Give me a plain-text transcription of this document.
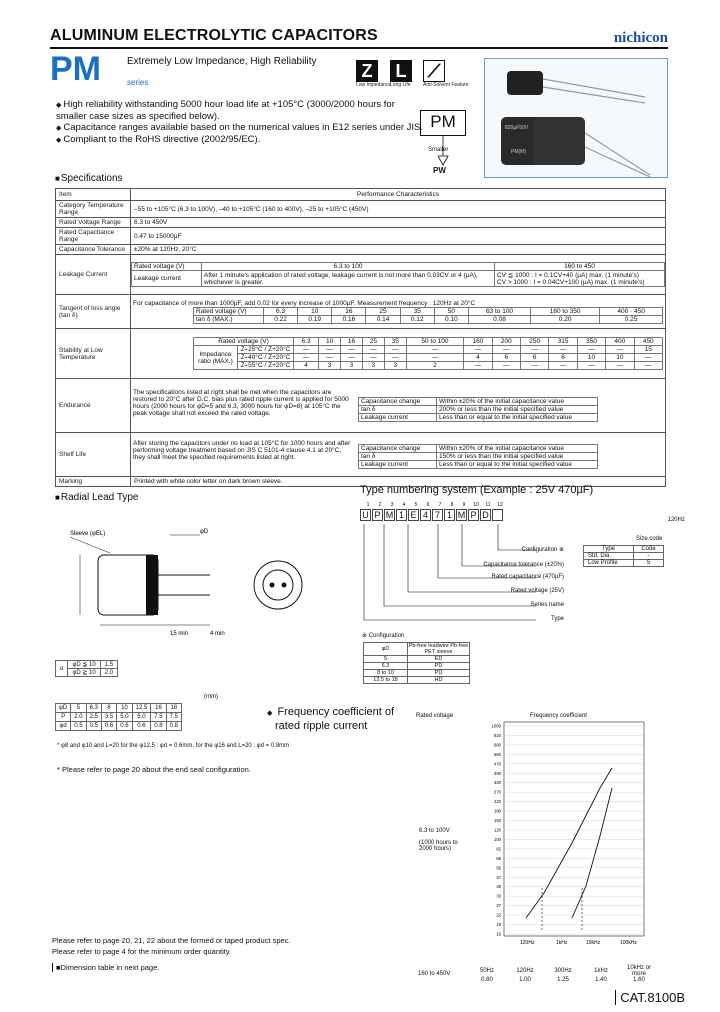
ALUMINUM ELECTROLYTIC CAPACITORS	nichicon
PM	Extremely Low Impedance, High Reliability
series
Z
Low Impedance
L
Long Life
⟋
Anti-Solvent Feature
◆ High reliability withstanding 5000 hour load life at +105°C (3000/2000 hours for smaller case sizes as specified below).
◆ Capacitance ranges available based on the numerical values in E12 series under JIS.
◆ Compliant to the RoHS directive (2002/95/EC).
PM
Smaller
PW
820µF50V
PM(M)
■ Specifications
Item	Performance Characteristics
Category Temperature Range	–55 to +105°C (6.3 to 100V), –40 to +105°C (160 to 400V), –25 to +105°C (450V)
Rated Voltage Range	6.3 to 450V
Rated Capacitance Range	0.47 to 15000µF
Capacitance Tolerance	±20% at 120Hz, 20°C
Leakage Current	
Rated voltage (V)	6.3 to 100	160 to 450
Leakage current	After 1 minute's application of rated voltage, leakage current is not more than 0.03CV or 4 (µA), whichever is greater.	
CV ≦ 1000 : I = 0.1CV+40 (µA) max. (1 minute's)
CV > 1000 : I = 0.04CV+100 (µA) max. (1 minute's)

Tangent of loss angle (tan δ)	
For capacitance of more than 1000µF, add 0.02 for every increase of 1000µF. Measurement frequency : 120Hz at 20°C
Rated voltage (V)	6.3	10	16	25	35	50	63 to 100	160 to 350	400 · 450
tan δ (MAX.)	0.22	0.19	0.16	0.14	0.12	0.10	0.08	0.20	0.25

Stability at Low Temperature	
Rated voltage (V)	6.3	10	16	25	35	50 to 100	160	200	250	315	350	400	450
Impedance ratio (MAX.)	Z–25°C / Z+20°C	—	—	—	—	—	—	—	—	—	—	—	—	15
Z–40°C / Z+20°C	—	—	—	—	—	—	4	6	6	6	10	10	—
Z–55°C / Z+20°C	4	3	3	3	3	2	—	—	—	—	—	—	—
120Hz

Endurance	
The specifications listed at right shall be met when the capacitors are restored to 20°C after D.C. bias plus rated ripple current is applied for 5000 hours (2000 hours for φD=5 and 6.3, 3000 hours for φD=8) at 105°C the peak voltage shall not exceed the rated voltage.
Capacitance change	Within ±20% of the initial capacitance value
tan δ	200% or less than the initial specified value
Leakage current	Less than or equal to the initial specified value

Shelf Life	
After storing the capacitors under no load at 105°C for 1000 hours and after performing voltage treatment based on JIS C 5101-4 clause 4.1 at 20°C, they shall meet the specified requirements listed at right.
Capacitance change	Within ±20% of the initial capacitance value
tan δ	150% or less than the initial specified value
Leakage current	Less than or equal to the initial specified value

Marking	Printed with white color letter on dark brown sleeve.
■ Radial Lead Type
Sleeve (φEL)	φD
15 min	4 min
α	φD ≦ 10	1.5
	φD ≧ 10	2.0
(mm)
φD	5	6.3	8	10	12.5	16	18
P	2.0	2.5	3.5	5.0	5.0	7.5	7.5
φd	0.5	0.5	0.6	0.6	0.6	0.8	0.8
* φ8 and φ10 and L=20 for the φ12.5 : φd = 0.6mm, for the φ16 and L=20 : φd = 0.8mm
* Please refer to page 20 about the end seal configuration.
Type numbering system (Example : 25V 470µF)
1	2	3	4	5	6	7	8	9	10	11	12
U P M 1 E 4 7 1 M P D
Configuration ※
Capacitance tolerance (±20%)
Rated capacitance (470µF)
Rated voltage (25V)
Series name
Type
Size code
Type	Code
Std. Dia.	-
Low Profile	5
※ Configuration
φD	Pb-free leadwire Pb-free PET sleeve
5	ED
6.3	PD
8 to 10	PD
12.5 to 18	HD
◆ Frequency coefficient of
rated ripple current
Rated voltage	Frequency coefficient
6.3 to 100V
(1000 hours to 2000 hours)
1000
820
680
560
470
390
330
270
220
180
150
120
100
82
68
56
47
39
33
27
22
18
15
120Hz	1kHz	10kHz	100kHz
160 to 450V	50Hz	120Hz	300Hz	1kHz	10kHz or more
	0.80	1.00	1.25	1.40	1.60
Please refer to page 20, 21, 22 about the formed or taped product spec.
Please refer to page 4 for the minimum order quantity.
■Dimension table in next page.
CAT.8100B
